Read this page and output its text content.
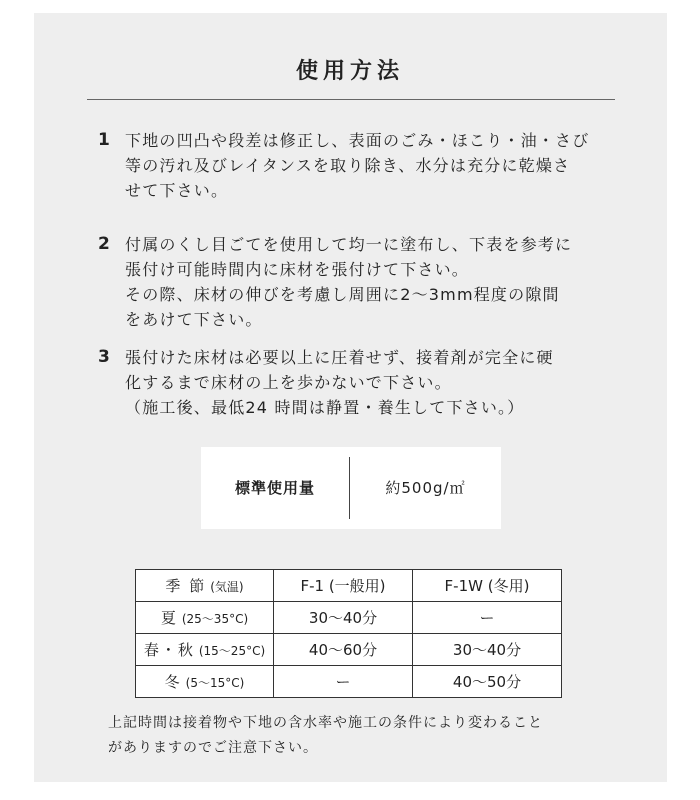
使用方法
1 下地の凹凸や段差は修正し、表面のごみ・ほこり・油・さび
等の汚れ及びレイタンスを取り除き、水分は充分に乾燥さ
せて下さい。
2 付属のくし目ごてを使用して均一に塗布し、下表を参考に
張付け可能時間内に床材を張付けて下さい。
その際、床材の伸びを考慮し周囲に2〜3mm程度の隙間
をあけて下さい。
3 張付けた床材は必要以上に圧着せず、接着剤が完全に硬
化するまで床材の上を歩かないで下さい。
（施工後、最低24 時間は静置・養生して下さい。）
標準使用量	約500g/㎡
季 節 (気温)	F-1 (一般用)	F-1W (冬用)
夏 (25〜35°C)	30〜40分	ー
春・秋 (15〜25°C)	40〜60分	30〜40分
冬 (5〜15°C)	ー	40〜50分
上記時間は接着物や下地の含水率や施工の条件により変わること
がありますのでご注意下さい。
